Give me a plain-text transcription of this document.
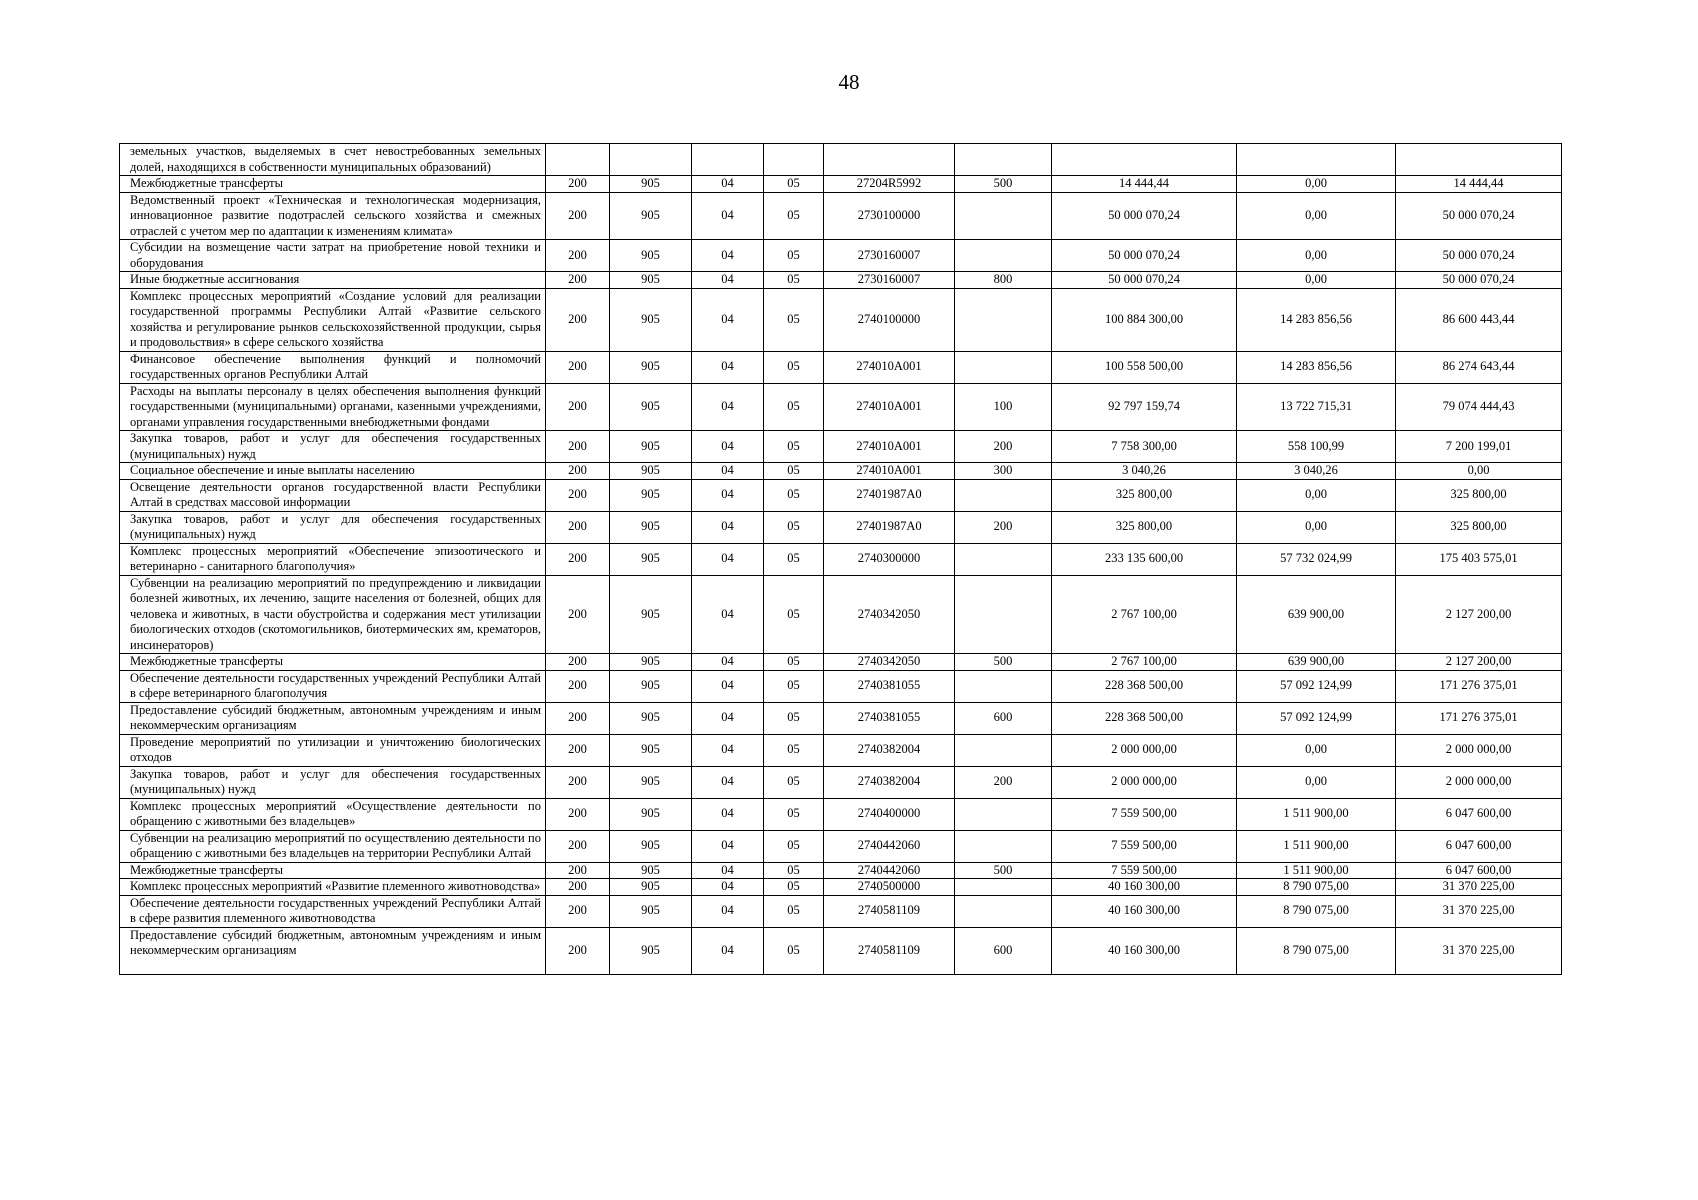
48
земельных участков, выделяемых в счет невостребованных земельных долей, находящихся в собственности муниципальных образований)									
Межбюджетные трансферты	200	905	04	05	27204R5992	500	14 444,44	0,00	14 444,44
Ведомственный проект «Техническая и технологическая модернизация, инновационное развитие подотраслей сельского хозяйства и смежных отраслей с учетом мер по адаптации к изменениям климата»	200	905	04	05	2730100000		50 000 070,24	0,00	50 000 070,24
Субсидии на возмещение части затрат на приобретение новой техники и оборудования	200	905	04	05	2730160007		50 000 070,24	0,00	50 000 070,24
Иные бюджетные ассигнования	200	905	04	05	2730160007	800	50 000 070,24	0,00	50 000 070,24
Комплекс процессных мероприятий «Создание условий для реализации государственной программы Республики Алтай «Развитие сельского хозяйства и регулирование рынков сельскохозяйственной продукции, сырья и продовольствия» в сфере сельского хозяйства	200	905	04	05	2740100000		100 884 300,00	14 283 856,56	86 600 443,44
Финансовое обеспечение выполнения функций и полномочий государственных органов Республики Алтай	200	905	04	05	274010А001		100 558 500,00	14 283 856,56	86 274 643,44
Расходы на выплаты персоналу в целях обеспечения выполнения функций государственными (муниципальными) органами, казенными учреждениями, органами управления государственными внебюджетными фондами	200	905	04	05	274010А001	100	92 797 159,74	13 722 715,31	79 074 444,43
Закупка товаров, работ и услуг для обеспечения государственных (муниципальных) нужд	200	905	04	05	274010А001	200	7 758 300,00	558 100,99	7 200 199,01
Социальное обеспечение и иные выплаты населению	200	905	04	05	274010А001	300	3 040,26	3 040,26	0,00
Освещение деятельности органов государственной власти Республики Алтай в средствах массовой информации	200	905	04	05	27401987А0		325 800,00	0,00	325 800,00
Закупка товаров, работ и услуг для обеспечения государственных (муниципальных) нужд	200	905	04	05	27401987А0	200	325 800,00	0,00	325 800,00
Комплекс процессных мероприятий «Обеспечение эпизоотического и ветеринарно - санитарного благополучия»	200	905	04	05	2740300000		233 135 600,00	57 732 024,99	175 403 575,01
Субвенции на реализацию мероприятий по предупреждению и ликвидации болезней животных, их лечению, защите населения от болезней, общих для человека и животных, в части обустройства и содержания мест утилизации биологических отходов (скотомогильников, биотермических ям, крематоров, инсинераторов)	200	905	04	05	2740342050		2 767 100,00	639 900,00	2 127 200,00
Межбюджетные трансферты	200	905	04	05	2740342050	500	2 767 100,00	639 900,00	2 127 200,00
Обеспечение деятельности государственных учреждений Республики Алтай в сфере ветеринарного благополучия	200	905	04	05	2740381055		228 368 500,00	57 092 124,99	171 276 375,01
Предоставление субсидий бюджетным, автономным учреждениям и иным некоммерческим организациям	200	905	04	05	2740381055	600	228 368 500,00	57 092 124,99	171 276 375,01
Проведение мероприятий по утилизации и уничтожению биологических отходов	200	905	04	05	2740382004		2 000 000,00	0,00	2 000 000,00
Закупка товаров, работ и услуг для обеспечения государственных (муниципальных) нужд	200	905	04	05	2740382004	200	2 000 000,00	0,00	2 000 000,00
Комплекс процессных мероприятий «Осуществление деятельности по обращению с животными без владельцев»	200	905	04	05	2740400000		7 559 500,00	1 511 900,00	6 047 600,00
Субвенции на реализацию мероприятий по осуществлению деятельности по обращению с животными без владельцев на территории Республики Алтай	200	905	04	05	2740442060		7 559 500,00	1 511 900,00	6 047 600,00
Межбюджетные трансферты	200	905	04	05	2740442060	500	7 559 500,00	1 511 900,00	6 047 600,00
Комплекс процессных мероприятий «Развитие племенного животноводства»	200	905	04	05	2740500000		40 160 300,00	8 790 075,00	31 370 225,00
Обеспечение деятельности государственных учреждений Республики Алтай в сфере развития племенного животноводства	200	905	04	05	2740581109		40 160 300,00	8 790 075,00	31 370 225,00
Предоставление субсидий бюджетным, автономным учреждениям и иным некоммерческим организациям	200	905	04	05	2740581109	600	40 160 300,00	8 790 075,00	31 370 225,00
